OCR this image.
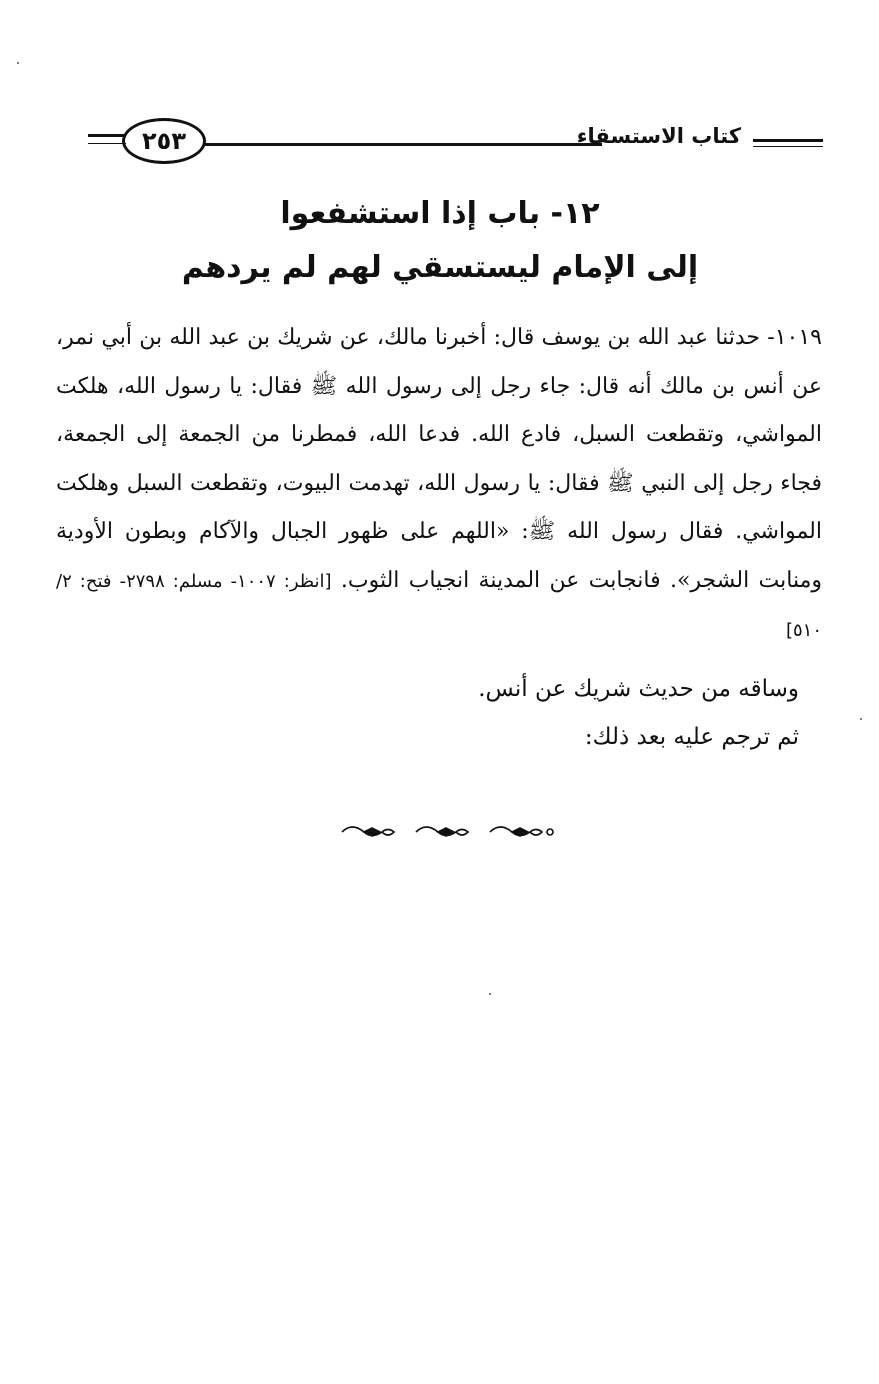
٢٥٣	كتاب الاستسقاء
١٢- باب إذا استشفعوا
إلى الإمام ليستسقي لهم لم يردهم
١٠١٩- حدثنا عبد الله بن يوسف قال: أخبرنا مالك، عن شريك بن عبد الله بن أبي نمر، عن أنس بن مالك أنه قال: جاء رجل إلى رسول الله ﷺ فقال: يا رسول الله، هلكت المواشي، وتقطعت السبل، فادع الله. فدعا الله، فمطرنا من الجمعة إلى الجمعة، فجاء رجل إلى النبي ﷺ فقال: يا رسول الله، تهدمت البيوت، وتقطعت السبل وهلكت المواشي. فقال رسول الله ﷺ: «اللهم على ظهور الجبال والآكام وبطون الأودية ومنابت الشجر». فانجابت عن المدينة انجياب الثوب. [انظر: ١٠٠٧- مسلم: ٢٧٩٨- فتح: ٢/ ٥١٠]
وساقه من حديث شريك عن أنس.
ثم ترجم عليه بعد ذلك:
